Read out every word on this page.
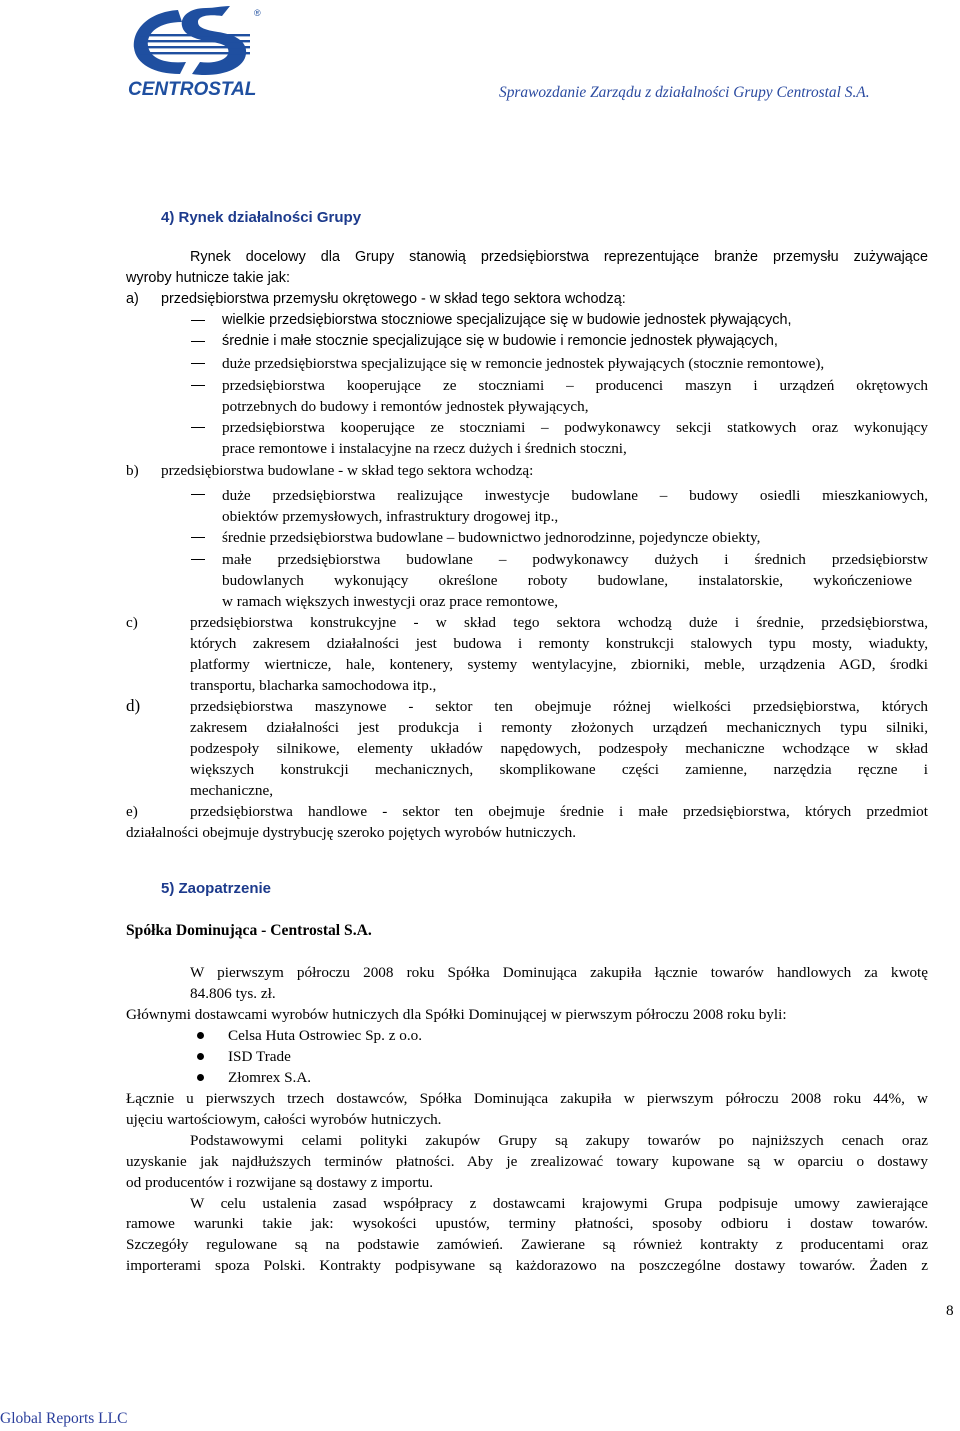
CENTROSTAL
®
Sprawozdanie Zarządu z działalności Grupy Centrostal S.A.
4) Rynek działalności Grupy
Rynek docelowy dla Grupy stanowią przedsiębiorstwa reprezentujące branże przemysłu zużywające
wyroby hutnicze takie jak:
a) przedsiębiorstwa przemysłu okrętowego - w skład tego sektora wchodzą:
wielkie przedsiębiorstwa stoczniowe specjalizujące się w budowie jednostek pływających,
średnie i małe stocznie specjalizujące się w budowie i remoncie jednostek pływających,
duże przedsiębiorstwa specjalizujące się w remoncie jednostek pływających (stocznie remontowe),
przedsiębiorstwa kooperujące ze stoczniami – producenci maszyn i urządzeń okrętowych
potrzebnych do budowy i remontów jednostek pływających,
przedsiębiorstwa kooperujące ze stoczniami – podwykonawcy sekcji statkowych oraz wykonujący
prace remontowe i instalacyjne na rzecz dużych i średnich stoczni,
b) przedsiębiorstwa budowlane - w skład tego sektora wchodzą:
duże przedsiębiorstwa realizujące inwestycje budowlane – budowy osiedli mieszkaniowych,
obiektów przemysłowych, infrastruktury drogowej itp.,
średnie przedsiębiorstwa budowlane – budownictwo jednorodzinne, pojedyncze obiekty,
małe przedsiębiorstwa budowlane – podwykonawcy dużych i średnich przedsiębiorstw
budowlanych wykonujący określone roboty budowlane, instalatorskie, wykończeniowe
w ramach większych inwestycji oraz prace remontowe,
c)	przedsiębiorstwa konstrukcyjne - w skład tego sektora wchodzą duże i średnie, przedsiębiorstwa,
których zakresem działalności jest budowa i remonty konstrukcji stalowych typu mosty, wiadukty,
platformy wiertnicze, hale, kontenery, systemy wentylacyjne, zbiorniki, meble, urządzenia AGD, środki
transportu, blacharka samochodowa itp.,
d)	przedsiębiorstwa maszynowe - sektor ten obejmuje różnej wielkości przedsiębiorstwa, których
zakresem działalności jest produkcja i remonty złożonych urządzeń mechanicznych typu silniki,
podzespoły silnikowe, elementy układów napędowych, podzespoły mechaniczne wchodzące w skład
większych konstrukcji mechanicznych, skomplikowane części zamienne, narzędzia ręczne i
mechaniczne,
e)	przedsiębiorstwa handlowe - sektor ten obejmuje średnie i małe przedsiębiorstwa, których przedmiot
działalności obejmuje dystrybucję szeroko pojętych wyrobów hutniczych.
5) Zaopatrzenie
Spółka Dominująca - Centrostal S.A.
W pierwszym półroczu 2008 roku Spółka Dominująca zakupiła łącznie towarów handlowych za kwotę
84.806 tys. zł.
Głównymi dostawcami wyrobów hutniczych dla Spółki Dominującej w pierwszym półroczu 2008 roku byli:
Celsa Huta Ostrowiec Sp. z o.o.
ISD Trade
Złomrex S.A.
Łącznie u pierwszych trzech dostawców, Spółka Dominująca zakupiła w pierwszym półroczu 2008 roku 44%, w
ujęciu wartościowym, całości wyrobów hutniczych.
Podstawowymi celami polityki zakupów Grupy są zakupy towarów po najniższych cenach oraz
uzyskanie jak najdłuższych terminów płatności. Aby je zrealizować towary kupowane są w oparciu o dostawy
od producentów i rozwijane są dostawy z importu.
W celu ustalenia zasad współpracy z dostawcami krajowymi Grupa podpisuje umowy zawierające
ramowe warunki takie jak: wysokości upustów, terminy płatności, sposoby odbioru i dostaw towarów.
Szczegóły regulowane są na podstawie zamówień. Zawierane są również kontrakty z producentami oraz
importerami spoza Polski. Kontrakty podpisywane są każdorazowo na poszczególne dostawy towarów. Żaden z
8
Global Reports LLC
